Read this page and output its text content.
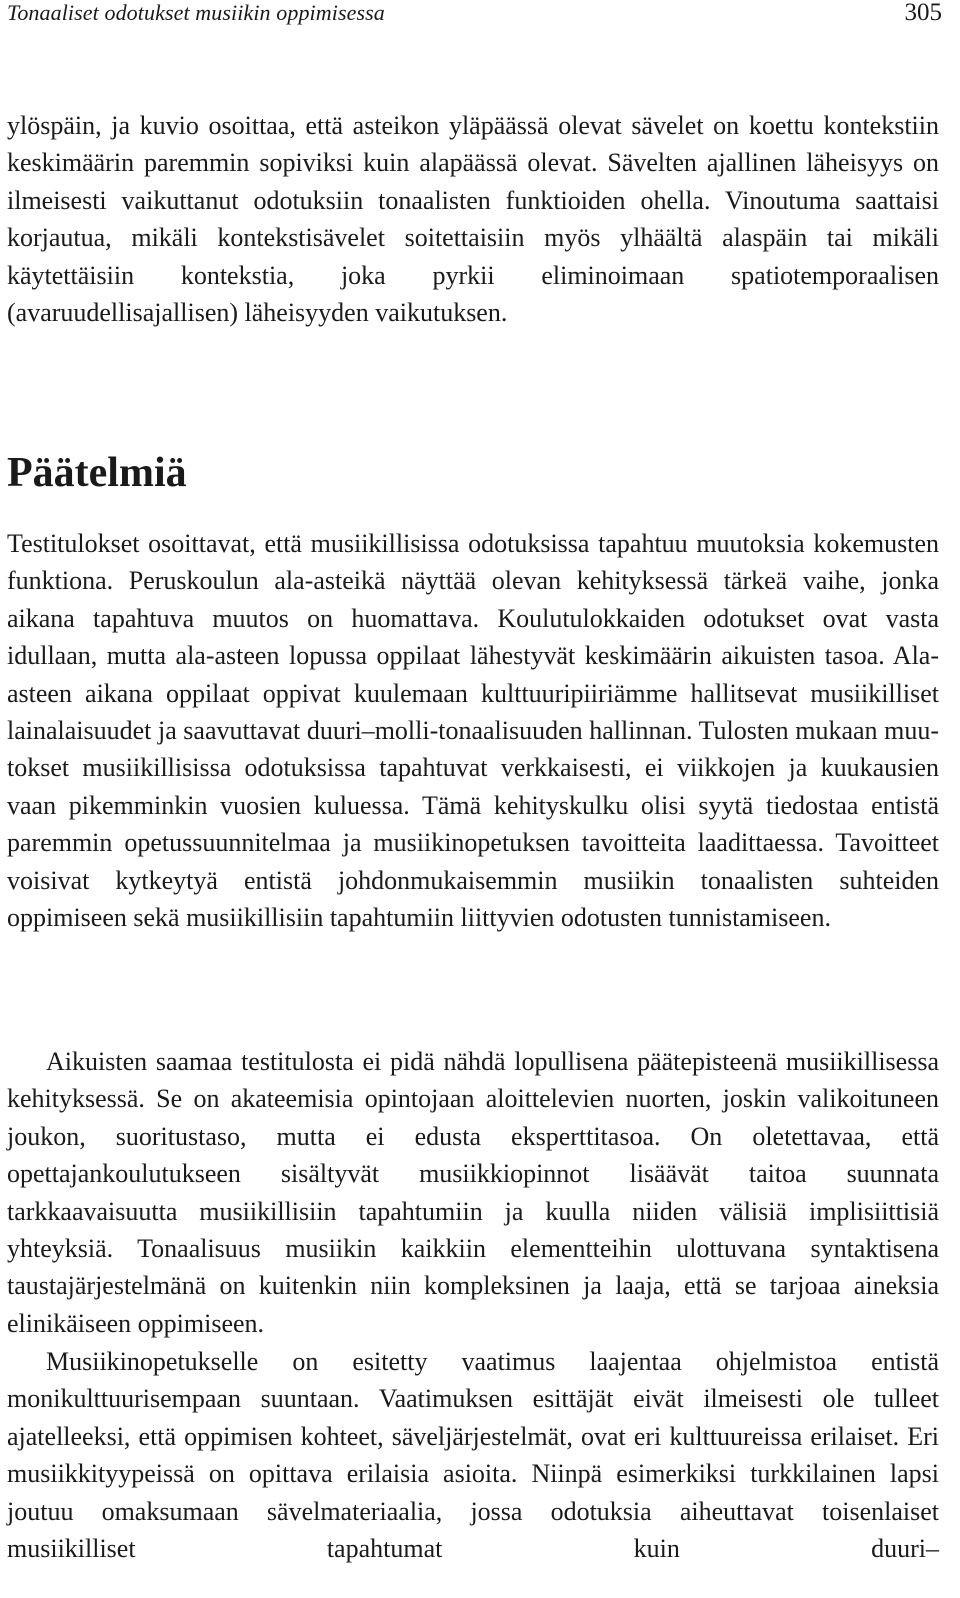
Tonaaliset odotukset musiikin oppimisessa	305

ylöspäin, ja kuvio osoittaa, että asteikon yläpäässä olevat sävelet on koettu kontekstiin keskimäärin paremmin sopiviksi kuin alapäässä olevat. Sävelten ajallinen läheisyys on ilmeisesti vaikuttanut odotuksiin tonaalisten funktioiden ohella. Vinoutuma saattaisi korjautua, mikäli kontekstisävelet soitettaisiin myös ylhäältä alaspäin tai mikäli käytettäisiin kontekstia, joka pyrkii eliminoimaan spatiotemporaalisen (avaruudellisajallisen) läheisyyden vaikutuksen.

Päätelmiä

Testitulokset osoittavat, että musiikillisissa odotuksissa tapahtuu muutoksia kokemusten funktiona. Peruskoulun ala-asteikä näyttää olevan kehityksessä tärkeä vaihe, jonka aikana tapahtuva muutos on huomattava. Koulutulokkaiden odotukset ovat vasta idullaan, mutta ala-asteen lopussa oppilaat lähestyvät keskimäärin aikuisten tasoa. Ala-asteen aikana oppilaat oppivat kuulemaan kulttuuripiiriämme hallitsevat musiikilliset lainalaisuudet ja saavuttavat duuri–molli-tonaalisuuden hallinnan. Tulosten mukaan muutokset musiikillisissa odotuksissa tapahtuvat verkkaisesti, ei viikkojen ja kuukausien vaan pikemminkin vuosien kuluessa. Tämä kehityskulku olisi syytä tiedostaa entistä paremmin opetussuunnitelmaa ja musiikinopetuksen tavoitteita laadittaessa. Tavoitteet voisivat kytkeytyä entistä johdonmukaisemmin musiikin tonaalisten suhteiden oppimiseen sekä musiikillisiin tapahtumiin liittyvien odotusten tunnistamiseen.

Aikuisten saamaa testitulosta ei pidä nähdä lopullisena päätepisteenä musiikillisessa kehityksessä. Se on akateemisia opintojaan aloittelevien nuorten, joskin valikoituneen joukon, suoritustaso, mutta ei edusta eksperttitasoa. On oletettavaa, että opettajankoulutukseen sisältyvät musiikkiopinnot lisäävät taitoa suunnata tarkkaavaisuutta musiikillisiin tapahtumiin ja kuulla niiden välisiä implisiittisiä yhteyksiä. Tonaalisuus musiikin kaikkiin elementteihin ulottuvana syntaktisena taustajärjestelmänä on kuitenkin niin kompleksinen ja laaja, että se tarjoaa aineksia elinikäiseen oppimiseen.

Musiikinopetukselle on esitetty vaatimus laajentaa ohjelmistoa entistä monikulttuurisempaan suuntaan. Vaatimuksen esittäjät eivät ilmeisesti ole tulleet ajatelleeksi, että oppimisen kohteet, säveljärjestelmät, ovat eri kulttuureissa erilaiset. Eri musiikkityypeissä on opittava erilaisia asioita. Niinpä esimerkiksi turkkilainen lapsi joutuu omaksumaan sävelmateriaalia, jossa odotuksia aiheuttavat toisenlaiset musiikilliset tapahtumat kuin duuri–
